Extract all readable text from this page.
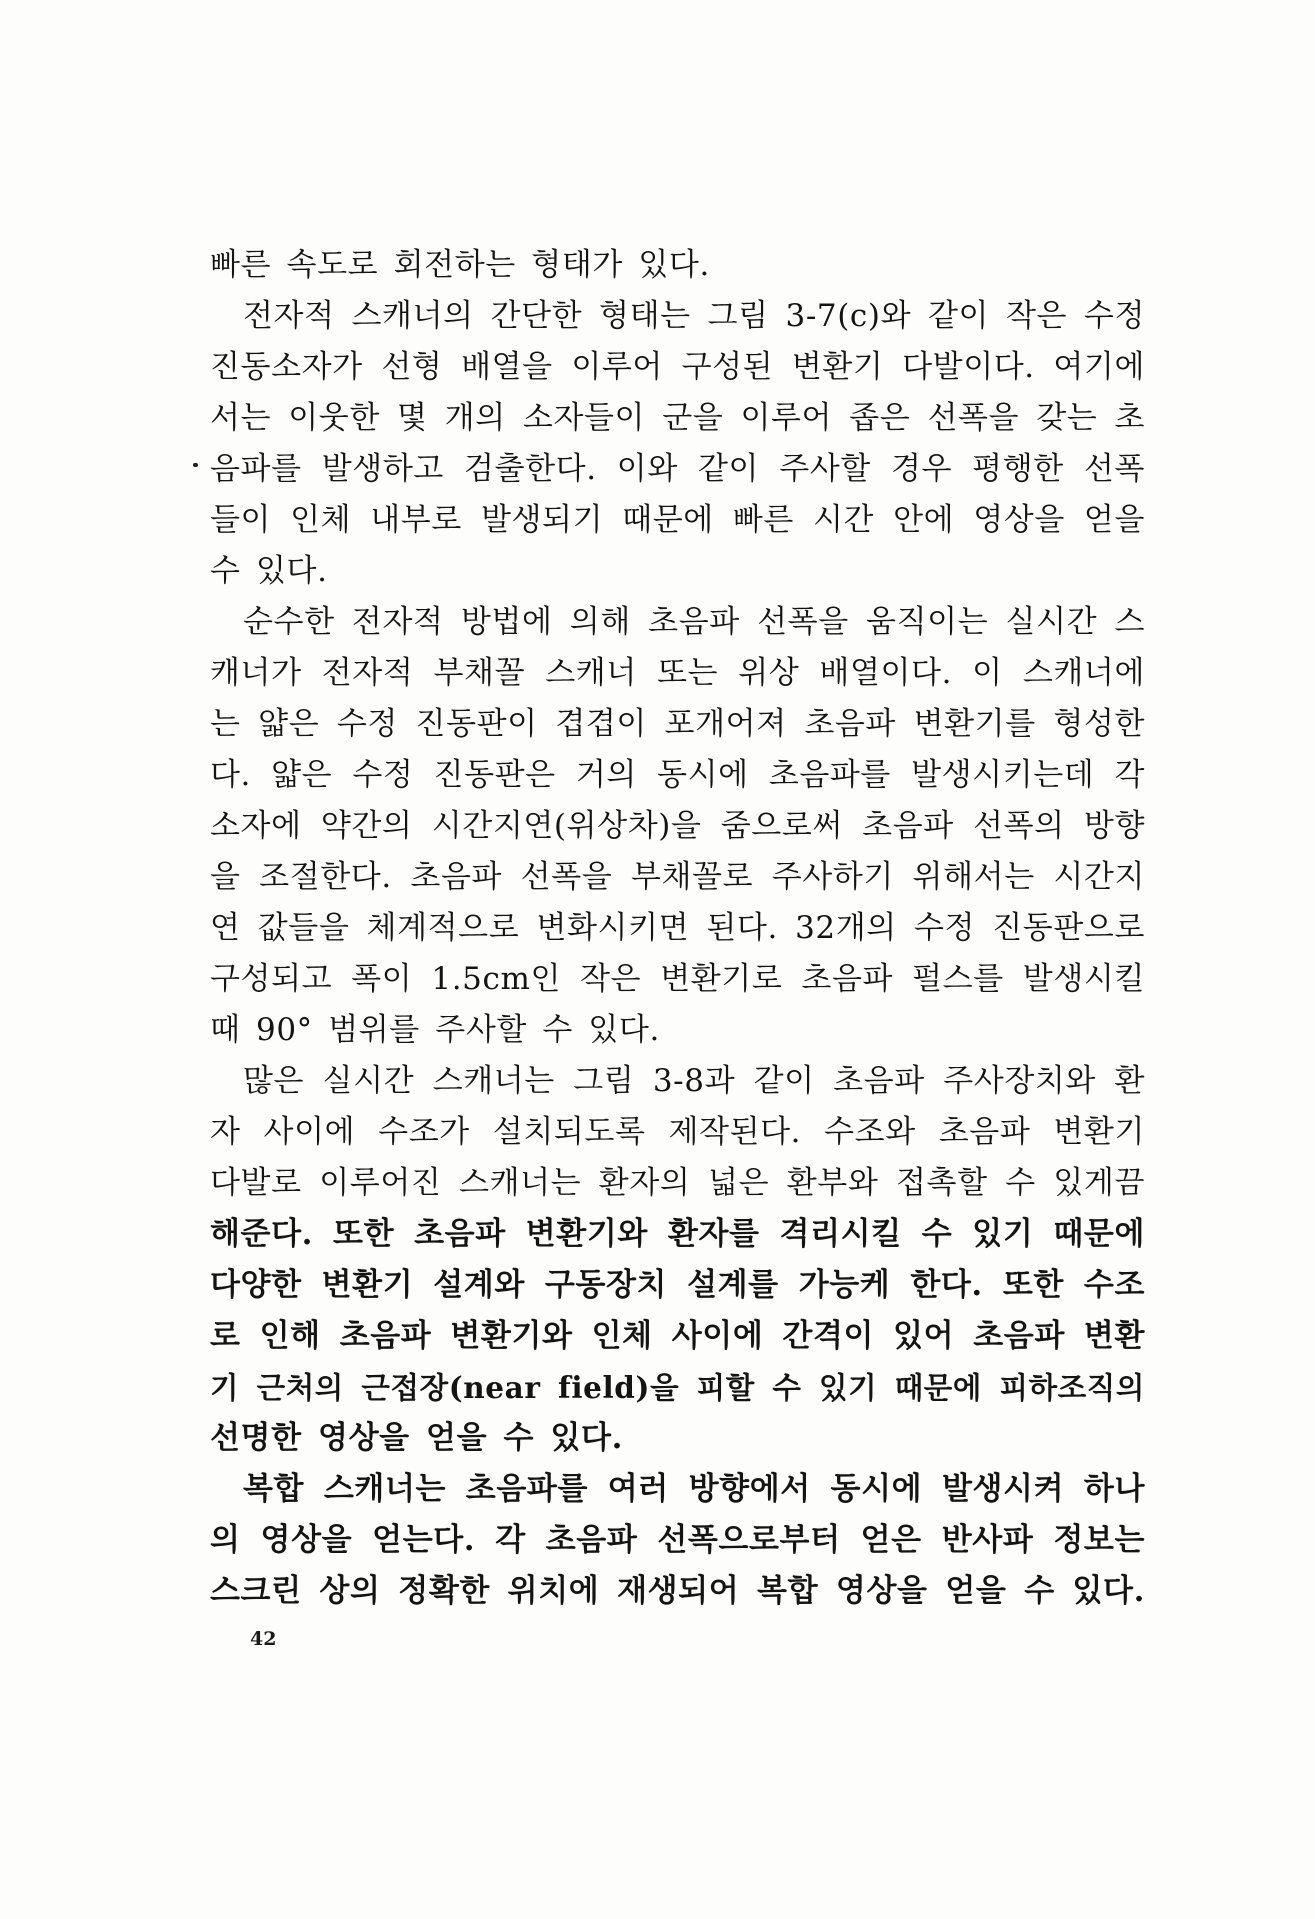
빠른 속도로 회전하는 형태가 있다.
전자적 스캐너의 간단한 형태는 그림 3-7(c)와 같이 작은 수정
진동소자가 선형 배열을 이루어 구성된 변환기 다발이다. 여기에
서는 이웃한 몇 개의 소자들이 군을 이루어 좁은 선폭을 갖는 초
음파를 발생하고 검출한다. 이와 같이 주사할 경우 평행한 선폭
들이 인체 내부로 발생되기 때문에 빠른 시간 안에 영상을 얻을
수 있다.
순수한 전자적 방법에 의해 초음파 선폭을 움직이는 실시간 스
캐너가 전자적 부채꼴 스캐너 또는 위상 배열이다. 이 스캐너에
는 얇은 수정 진동판이 겹겹이 포개어져 초음파 변환기를 형성한
다. 얇은 수정 진동판은 거의 동시에 초음파를 발생시키는데 각
소자에 약간의 시간지연(위상차)을 줌으로써 초음파 선폭의 방향
을 조절한다. 초음파 선폭을 부채꼴로 주사하기 위해서는 시간지
연 값들을 체계적으로 변화시키면 된다. 32개의 수정 진동판으로
구성되고 폭이 1.5cm인 작은 변환기로 초음파 펄스를 발생시킬
때 90° 범위를 주사할 수 있다.
많은 실시간 스캐너는 그림 3-8과 같이 초음파 주사장치와 환
자 사이에 수조가 설치되도록 제작된다. 수조와 초음파 변환기
다발로 이루어진 스캐너는 환자의 넓은 환부와 접촉할 수 있게끔
해준다. 또한 초음파 변환기와 환자를 격리시킬 수 있기 때문에
다양한 변환기 설계와 구동장치 설계를 가능케 한다. 또한 수조
로 인해 초음파 변환기와 인체 사이에 간격이 있어 초음파 변환
기 근처의 근접장(near field)을 피할 수 있기 때문에 피하조직의
선명한 영상을 얻을 수 있다.
복합 스캐너는 초음파를 여러 방향에서 동시에 발생시켜 하나
의 영상을 얻는다. 각 초음파 선폭으로부터 얻은 반사파 정보는
스크린 상의 정확한 위치에 재생되어 복합 영상을 얻을 수 있다.
42
